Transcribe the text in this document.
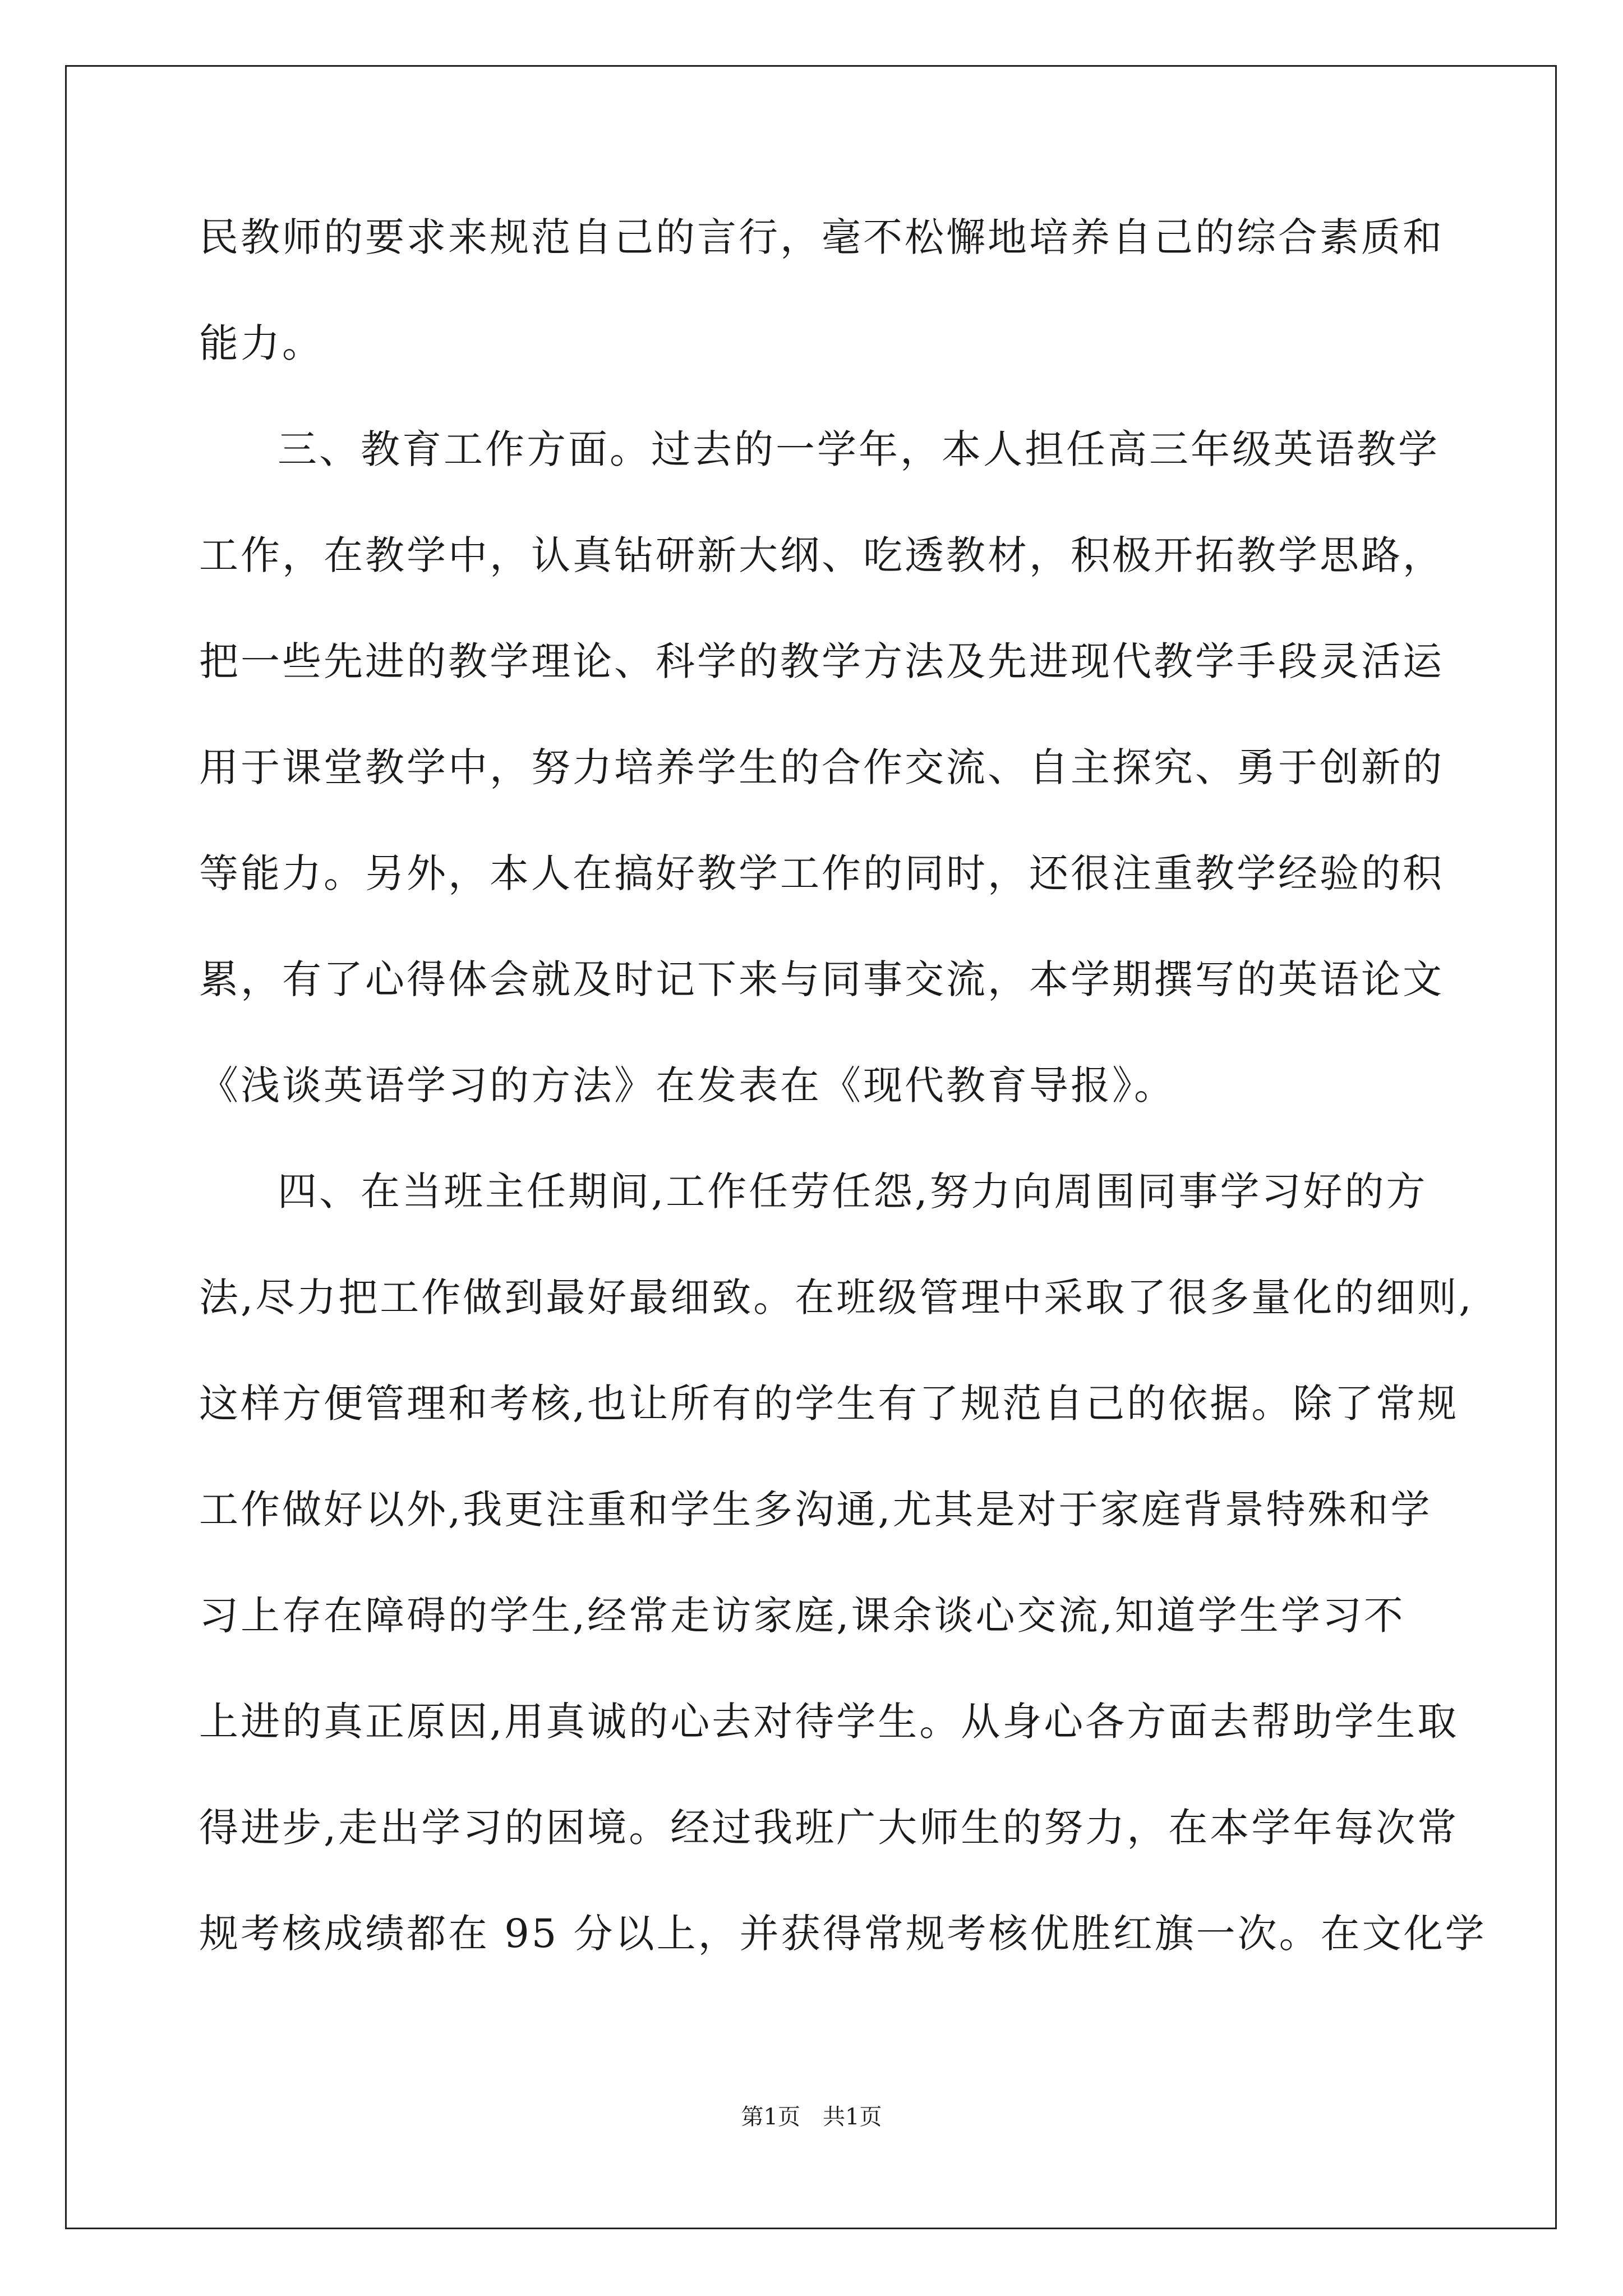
民教师的要求来规范自己的言行，毫不松懈地培养自己的综合素质和
能力。
三、教育工作方面。过去的一学年，本人担任高三年级英语教学
工作，在教学中，认真钻研新大纲、吃透教材，积极开拓教学思路，
把一些先进的教学理论、科学的教学方法及先进现代教学手段灵活运
用于课堂教学中，努力培养学生的合作交流、自主探究、勇于创新的
等能力。另外，本人在搞好教学工作的同时，还很注重教学经验的积
累，有了心得体会就及时记下来与同事交流，本学期撰写的英语论文
《浅谈英语学习的方法》在发表在《现代教育导报》。
四、在当班主任期间,工作任劳任怨,努力向周围同事学习好的方
法,尽力把工作做到最好最细致。在班级管理中采取了很多量化的细则,
这样方便管理和考核,也让所有的学生有了规范自己的依据。除了常规
工作做好以外,我更注重和学生多沟通,尤其是对于家庭背景特殊和学
习上存在障碍的学生,经常走访家庭,课余谈心交流,知道学生学习不
上进的真正原因,用真诚的心去对待学生。从身心各方面去帮助学生取
得进步,走出学习的困境。经过我班广大师生的努力，在本学年每次常
规考核成绩都在 95 分以上，并获得常规考核优胜红旗一次。在文化学
第1页 共1页
